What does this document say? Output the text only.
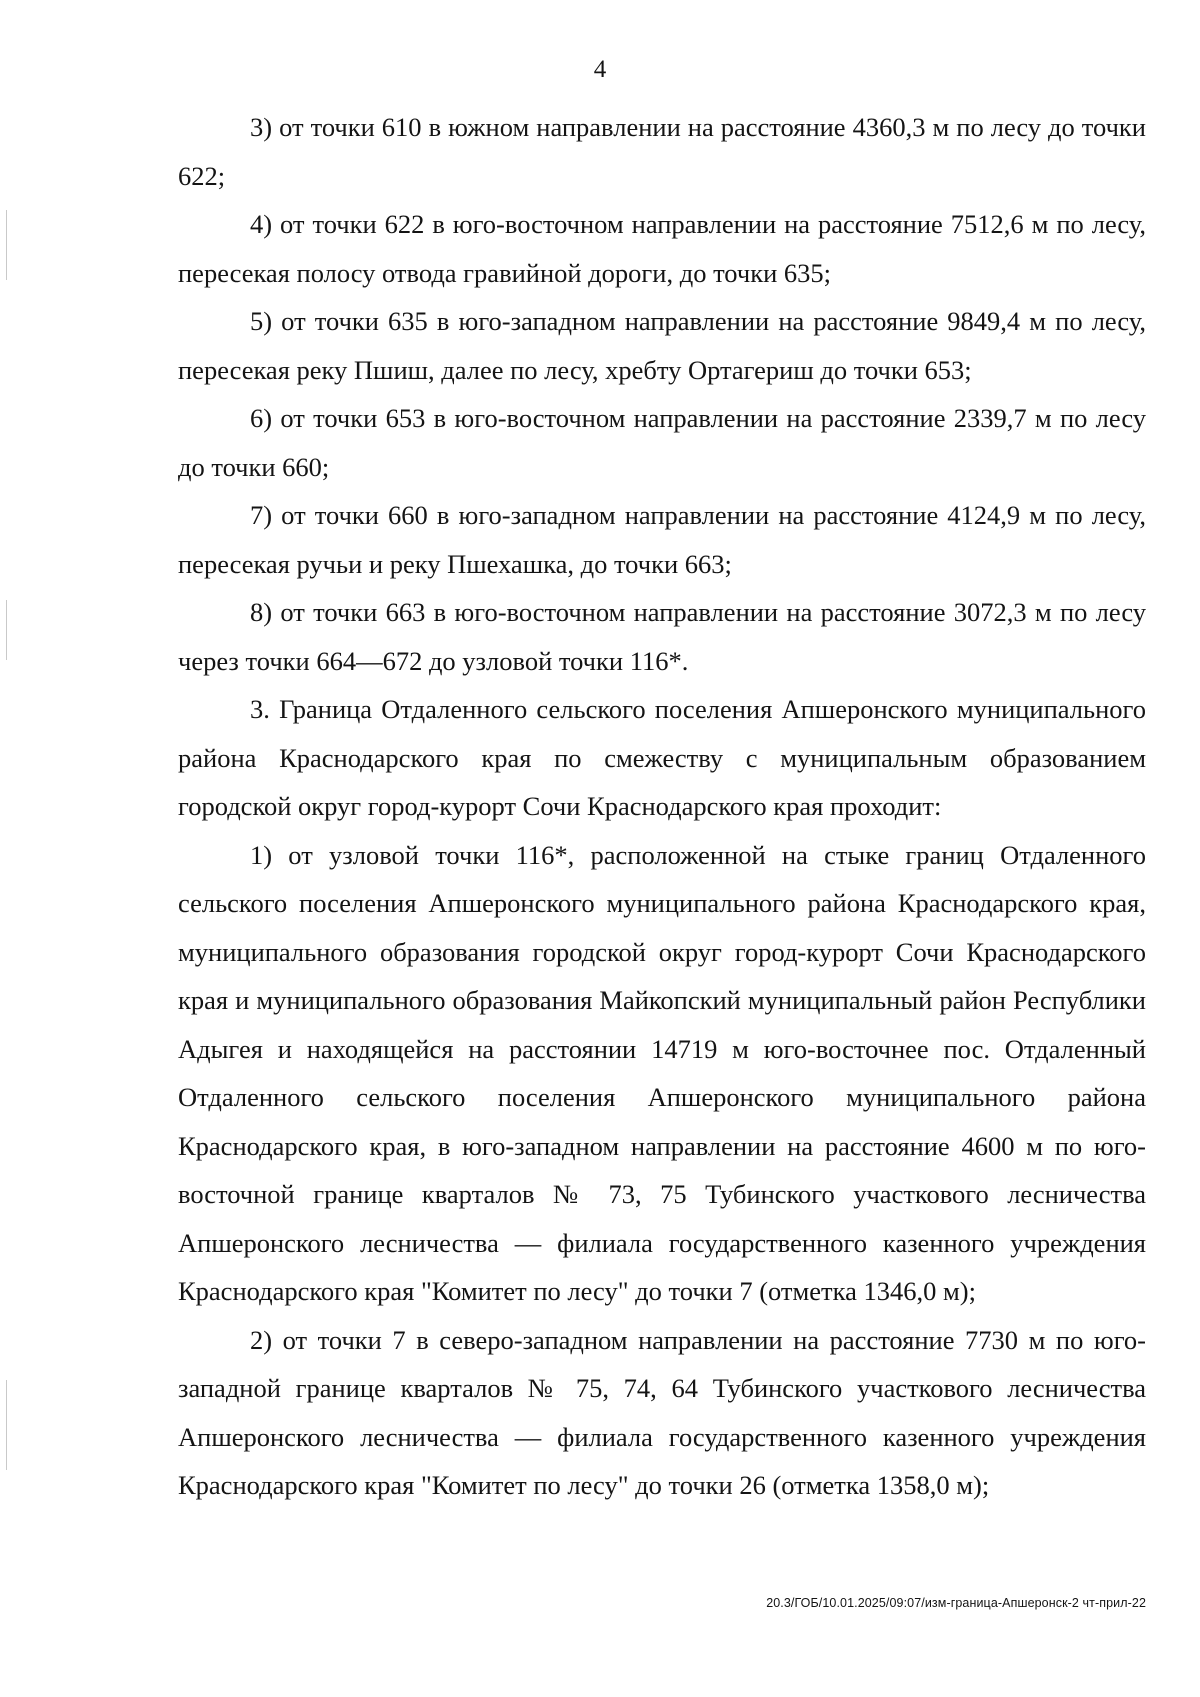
4

3) от точки 610 в южном направлении на расстояние 4360,3 м по лесу до точки 622;

4) от точки 622 в юго-восточном направлении на расстояние 7512,6 м по лесу, пересекая полосу отвода гравийной дороги, до точки 635;

5) от точки 635 в юго-западном направлении на расстояние 9849,4 м по лесу, пересекая реку Пшиш, далее по лесу, хребту Ортагериш до точки 653;

6) от точки 653 в юго-восточном направлении на расстояние 2339,7 м по лесу до точки 660;

7) от точки 660 в юго-западном направлении на расстояние 4124,9 м по лесу, пересекая ручьи и реку Пшехашка, до точки 663;

8) от точки 663 в юго-восточном направлении на расстояние 3072,3 м по лесу через точки 664—672 до узловой точки 116*.

3. Граница Отдаленного сельского поселения Апшеронского муниципального района Краснодарского края по смежеству с муниципальным образованием городской округ город-курорт Сочи Краснодарского края проходит:

1) от узловой точки 116*, расположенной на стыке границ Отдаленного сельского поселения Апшеронского муниципального района Краснодарского края, муниципального образования городской округ город-курорт Сочи Краснодарского края и муниципального образования Майкопский муниципальный район Республики Адыгея и находящейся на расстоянии 14719 м юго-восточнее пос. Отдаленный Отдаленного сельского поселения Апшеронского муниципального района Краснодарского края, в юго-западном направлении на расстояние 4600 м по юго-восточной границе кварталов № 73, 75 Тубинского участкового лесничества Апшеронского лесничества — филиала государственного казенного учреждения Краснодарского края "Комитет по лесу" до точки 7 (отметка 1346,0 м);

2) от точки 7 в северо-западном направлении на расстояние 7730 м по юго-западной границе кварталов № 75, 74, 64 Тубинского участкового лесничества Апшеронского лесничества — филиала государственного казенного учреждения Краснодарского края "Комитет по лесу" до точки 26 (отметка 1358,0 м);

20.3/ГОБ/10.01.2025/09:07/изм-граница-Апшеронск-2 чт-прил-22
